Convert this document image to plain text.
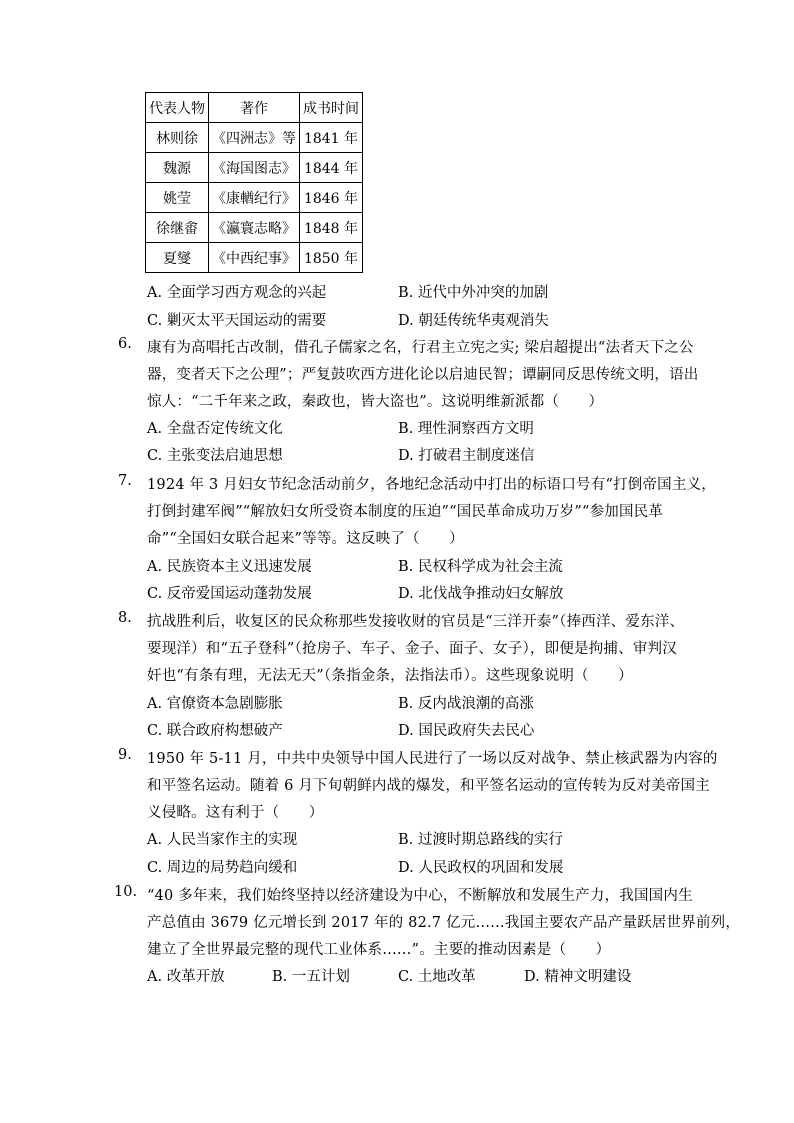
代表人物	著作	成书时间
林则徐	《四洲志》等	1841 年
魏源	《海国图志》	1844 年
姚莹	《康輶纪行》	1846 年
徐继畬	《瀛寰志略》	1848 年
夏燮	《中西纪事》	1850 年
A. 全面学习西方观念的兴起	B. 近代中外冲突的加剧
C. 剿灭太平天国运动的需要	D. 朝廷传统华夷观消失
6. 康有为高唱托古改制，借孔子儒家之名，行君主立宪之实; 梁启超提出“法者天下之公
器，变者天下之公理”；严复鼓吹西方进化论以启迪民智；谭嗣同反思传统文明，语出
惊人：“二千年来之政，秦政也，皆大盗也”。这说明维新派都（　　）
A. 全盘否定传统文化	B. 理性洞察西方文明
C. 主张变法启迪思想	D. 打破君主制度迷信
7. 1924 年 3 月妇女节纪念活动前夕，各地纪念活动中打出的标语口号有“打倒帝国主义，
打倒封建军阀”“解放妇女所受资本制度的压迫”“国民革命成功万岁”“参加国民革
命”“全国妇女联合起来”等等。这反映了（　　）
A. 民族资本主义迅速发展	B. 民权科学成为社会主流
C. 反帝爱国运动蓬勃发展	D. 北伐战争推动妇女解放
8. 抗战胜利后，收复区的民众称那些发接收财的官员是“三洋开泰”（捧西洋、爱东洋、
要现洋）和“五子登科”（抢房子、车子、金子、面子、女子），即便是拘捕、审判汉
奸也“有条有理，无法无天”（条指金条，法指法币）。这些现象说明（　　）
A. 官僚资本急剧膨胀	B. 反内战浪潮的高涨
C. 联合政府构想破产	D. 国民政府失去民心
9. 1950 年 5-11 月，中共中央领导中国人民进行了一场以反对战争、禁止核武器为内容的
和平签名运动。随着 6 月下旬朝鲜内战的爆发，和平签名运动的宣传转为反对美帝国主
义侵略。这有利于（　　）
A. 人民当家作主的实现	B. 过渡时期总路线的实行
C. 周边的局势趋向缓和	D. 人民政权的巩固和发展
10. “40 多年来，我们始终坚持以经济建设为中心，不断解放和发展生产力，我国国内生
产总值由 3679 亿元增长到 2017 年的 82.7 亿元……我国主要农产品产量跃居世界前列，
建立了全世界最完整的现代工业体系……”。主要的推动因素是（　　）
A. 改革开放	B. 一五计划	C. 土地改革	D. 精神文明建设
